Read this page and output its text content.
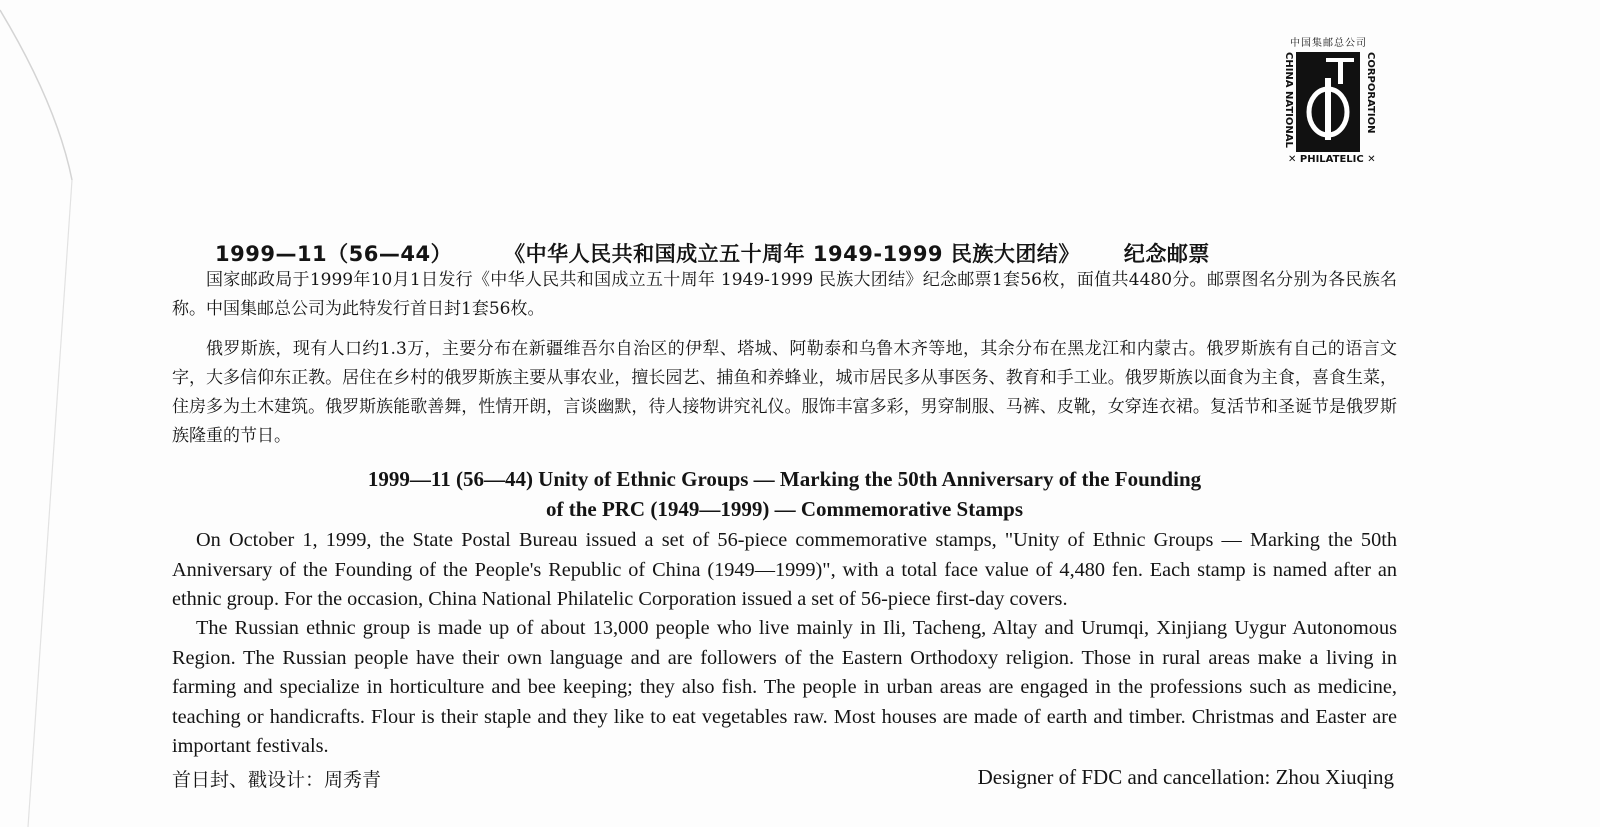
中国集邮总公司
CHINA NATIONAL	CORPORATION
✕ PHILATELIC ✕
1999—11（56—44） 《中华人民共和国成立五十周年 1949-1999 民族大团结》 纪念邮票

国家邮政局于1999年10月1日发行《中华人民共和国成立五十周年 1949-1999 民族大团结》纪念邮票1套56枚，面值共4480分。邮票图名分别为各民族名称。中国集邮总公司为此特发行首日封1套56枚。

俄罗斯族，现有人口约1.3万，主要分布在新疆维吾尔自治区的伊犁、塔城、阿勒泰和乌鲁木齐等地，其余分布在黑龙江和内蒙古。俄罗斯族有自己的语言文字，大多信仰东正教。居住在乡村的俄罗斯族主要从事农业，擅长园艺、捕鱼和养蜂业，城市居民多从事医务、教育和手工业。俄罗斯族以面食为主食，喜食生菜，住房多为土木建筑。俄罗斯族能歌善舞，性情开朗，言谈幽默，待人接物讲究礼仪。服饰丰富多彩，男穿制服、马裤、皮靴，女穿连衣裙。复活节和圣诞节是俄罗斯族隆重的节日。

1999—11 (56—44) Unity of Ethnic Groups — Marking the 50th Anniversary of the Founding
of the PRC (1949—1999) — Commemorative Stamps

On October 1, 1999, the State Postal Bureau issued a set of 56-piece commemorative stamps, "Unity of Ethnic Groups — Marking the 50th Anniversary of the Founding of the People's Republic of China (1949—1999)", with a total face value of 4,480 fen. Each stamp is named after an ethnic group. For the occasion, China National Philatelic Corporation issued a set of 56-piece first-day covers.

The Russian ethnic group is made up of about 13,000 people who live mainly in Ili, Tacheng, Altay and Urumqi, Xinjiang Uygur Autonomous Region. The Russian people have their own language and are followers of the Eastern Orthodoxy religion. Those in rural areas make a living in farming and specialize in horticulture and bee keeping; they also fish. The people in urban areas are engaged in the professions such as medicine, teaching or handicrafts. Flour is their staple and they like to eat vegetables raw. Most houses are made of earth and timber. Christmas and Easter are important festivals.

首日封、戳设计：周秀青	Designer of FDC and cancellation: Zhou Xiuqing
